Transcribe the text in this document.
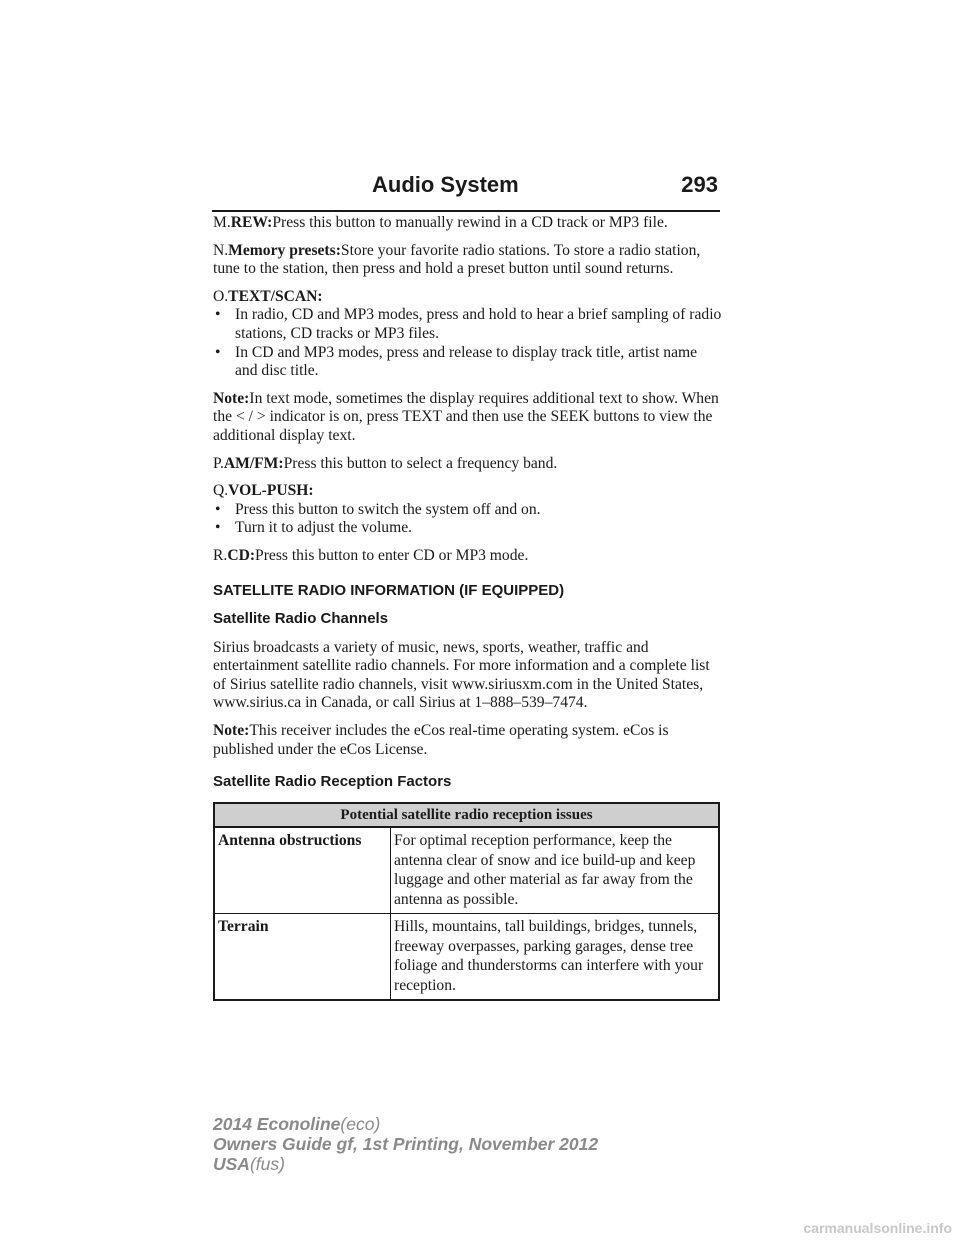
Audio System	293

M.REW:Press this button to manually rewind in a CD track or MP3 file.

N.Memory presets:Store your favorite radio stations. To store a radio station, tune to the station, then press and hold a preset button until sound returns.

O.TEXT/SCAN:

• In radio, CD and MP3 modes, press and hold to hear a brief sampling of radio stations, CD tracks or MP3 files.
• In CD and MP3 modes, press and release to display track title, artist name and disc title.

Note:In text mode, sometimes the display requires additional text to show. When the < / > indicator is on, press TEXT and then use the SEEK buttons to view the additional display text.

P.AM/FM:Press this button to select a frequency band.

Q.VOL-PUSH:

• Press this button to switch the system off and on.
• Turn it to adjust the volume.

R.CD:Press this button to enter CD or MP3 mode.

SATELLITE RADIO INFORMATION (IF EQUIPPED)
Satellite Radio Channels

Sirius broadcasts a variety of music, news, sports, weather, traffic and entertainment satellite radio channels. For more information and a complete list of Sirius satellite radio channels, visit www.siriusxm.com in the United States, www.sirius.ca in Canada, or call Sirius at 1–888–539–7474.

Note:This receiver includes the eCos real-time operating system. eCos is published under the eCos License.

Satellite Radio Reception Factors
Potential satellite radio reception issues	
Antenna obstructions	For optimal reception performance, keep the antenna clear of snow and ice build-up and keep luggage and other material as far away from the antenna as possible.
Terrain	Hills, mountains, tall buildings, bridges, tunnels, freeway overpasses, parking garages, dense tree foliage and thunderstorms can interfere with your reception.
2014 Econoline(eco)
Owners Guide gf, 1st Printing, November 2012
USA(fus)
carmanualsonline.info
